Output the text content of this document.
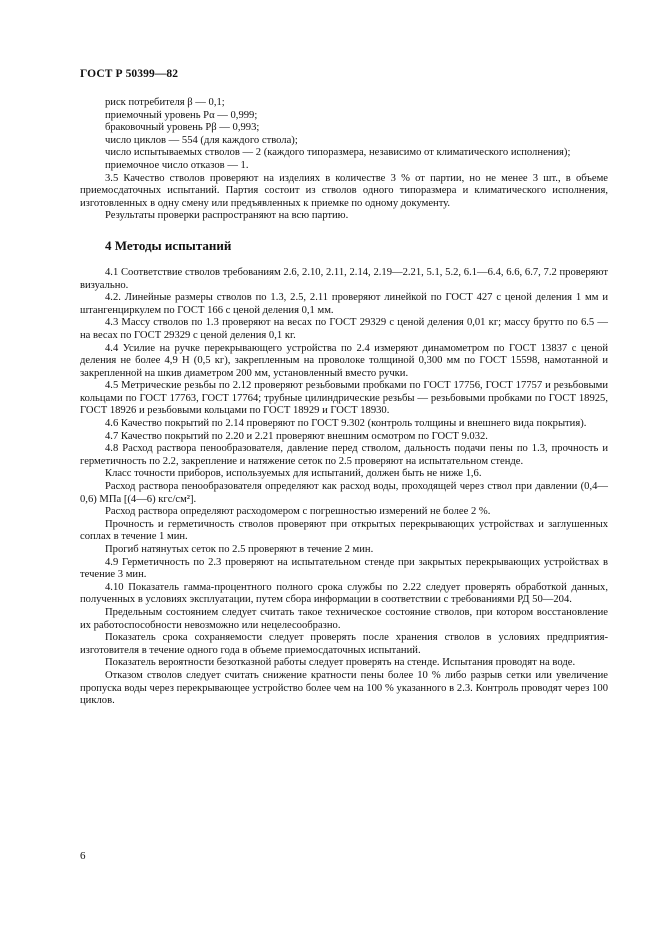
ГОСТ Р 50399—82

риск потребителя β — 0,1;

приемочный уровень Pα — 0,999;

браковочный уровень Pβ — 0,993;

число циклов — 554 (для каждого ствола);

число испытываемых стволов — 2 (каждого типоразмера, независимо от климатического исполнения);

приемочное число отказов — 1.

3.5 Качество стволов проверяют на изделиях в количестве 3 % от партии, но не менее 3 шт., в объеме приемосдаточных испытаний. Партия состоит из стволов одного типоразмера и климатического исполнения, изготовленных в одну смену или предъявленных к приемке по одному документу.

Результаты проверки распространяют на всю партию.

4 Методы испытаний

4.1 Соответствие стволов требованиям 2.6, 2.10, 2.11, 2.14, 2.19—2.21, 5.1, 5.2, 6.1—6.4, 6.6, 6.7, 7.2 проверяют визуально.

4.2. Линейные размеры стволов по 1.3, 2.5, 2.11 проверяют линейкой по ГОСТ 427 с ценой деления 1 мм и штангенциркулем по ГОСТ 166 с ценой деления 0,1 мм.

4.3 Массу стволов по 1.3 проверяют на весах по ГОСТ 29329 с ценой деления 0,01 кг; массу брутто по 6.5 — на весах по ГОСТ 29329 с ценой деления 0,1 кг.

4.4 Усилие на ручке перекрывающего устройства по 2.4 измеряют динамометром по ГОСТ 13837 с ценой деления не более 4,9 Н (0,5 кг), закрепленным на проволоке толщиной 0,300 мм по ГОСТ 15598, намотанной и закрепленной на шкив диаметром 200 мм, установленный вместо ручки.

4.5 Метрические резьбы по 2.12 проверяют резьбовыми пробками по ГОСТ 17756, ГОСТ 17757 и резьбовыми кольцами по ГОСТ 17763, ГОСТ 17764; трубные цилиндрические резьбы — резьбовыми пробками по ГОСТ 18925, ГОСТ 18926 и резьбовыми кольцами по ГОСТ 18929 и ГОСТ 18930.

4.6 Качество покрытий по 2.14 проверяют по ГОСТ 9.302 (контроль толщины и внешнего вида покрытия).

4.7 Качество покрытий по 2.20 и 2.21 проверяют внешним осмотром по ГОСТ 9.032.

4.8 Расход раствора пенообразователя, давление перед стволом, дальность подачи пены по 1.3, прочность и герметичность по 2.2, закрепление и натяжение сеток по 2.5 проверяют на испытательном стенде.

Класс точности приборов, используемых для испытаний, должен быть не ниже 1,6.

Расход раствора пенообразователя определяют как расход воды, проходящей через ствол при давлении (0,4—0,6) МПа [(4—6) кгс/см²].

Расход раствора определяют расходомером с погрешностью измерений не более 2 %.

Прочность и герметичность стволов проверяют при открытых перекрывающих устройствах и заглушенных соплах в течение 1 мин.

Прогиб натянутых сеток по 2.5 проверяют в течение 2 мин.

4.9 Герметичность по 2.3 проверяют на испытательном стенде при закрытых перекрывающих устройствах в течение 3 мин.

4.10 Показатель гамма-процентного полного срока службы по 2.22 следует проверять обработкой данных, полученных в условиях эксплуатации, путем сбора информации в соответствии с требованиями РД 50—204.

Предельным состоянием следует считать такое техническое состояние стволов, при котором восстановление их работоспособности невозможно или нецелесообразно.

Показатель срока сохраняемости следует проверять после хранения стволов в условиях предприятия-изготовителя в течение одного года в объеме приемосдаточных испытаний.

Показатель вероятности безотказной работы следует проверять на стенде. Испытания проводят на воде.

Отказом стволов следует считать снижение кратности пены более 10 % либо разрыв сетки или увеличение пропуска воды через перекрывающее устройство более чем на 100 % указанного в 2.3. Контроль проводят через 100 циклов.

6
